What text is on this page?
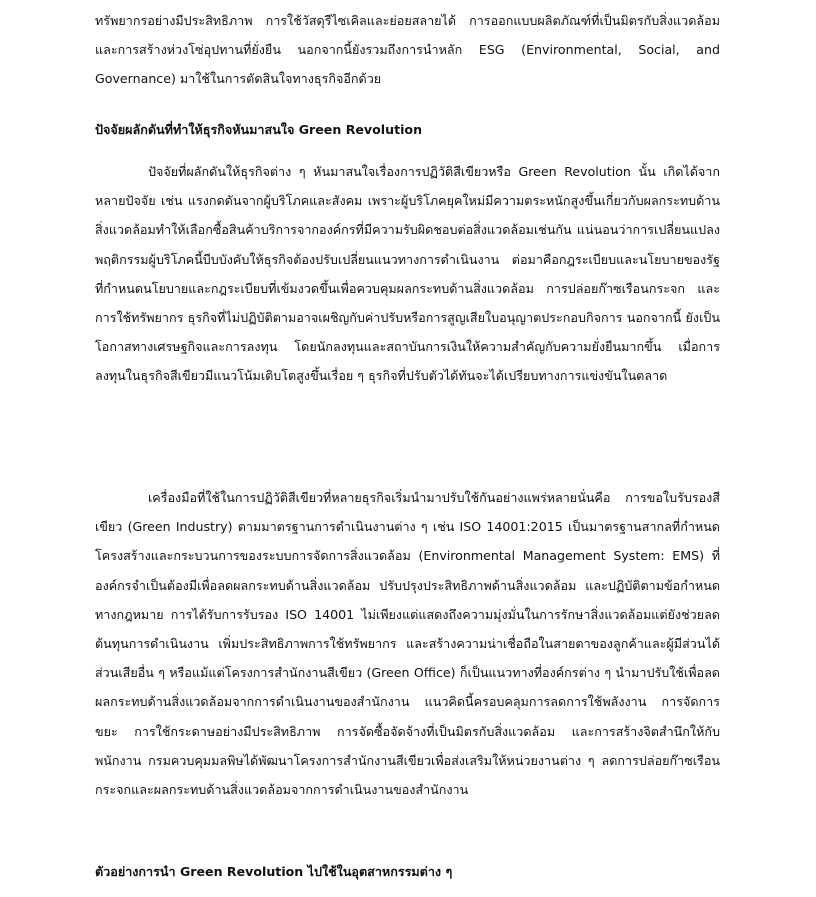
ทรัพยากรอย่างมีประสิทธิภาพ การใช้วัสดุรีไซเคิลและย่อยสลายได้ การออกแบบผลิตภัณฑ์ที่เป็นมิตรกับสิ่งแวดล้อม และการสร้างห่วงโซ่อุปทานที่ยั่งยืน นอกจากนี้ยังรวมถึงการนำหลัก ESG (Environmental, Social, and Governance) มาใช้ในการตัดสินใจทางธุรกิจอีกด้วย

ปัจจัยผลักดันที่ทำให้ธุรกิจหันมาสนใจ Green Revolution

ปัจจัยที่ผลักดันให้ธุรกิจต่าง ๆ หันมาสนใจเรื่องการปฏิวัติสีเขียวหรือ Green Revolution นั้น เกิดได้จากหลายปัจจัย เช่น แรงกดดันจากผู้บริโภคและสังคม เพราะผู้บริโภคยุคใหม่มีความตระหนักสูงขึ้นเกี่ยวกับผลกระทบด้านสิ่งแวดล้อมทำให้เลือกซื้อสินค้าบริการจากองค์กรที่มีความรับผิดชอบต่อสิ่งแวดล้อมเช่นกัน แน่นอนว่าการเปลี่ยนแปลงพฤติกรรมผู้บริโภคนี้บีบบังคับให้ธุรกิจต้องปรับเปลี่ยนแนวทางการดำเนินงาน ต่อมาคือกฎระเบียบและนโยบายของรัฐ ที่กำหนดนโยบายและกฎระเบียบที่เข้มงวดขึ้นเพื่อควบคุมผลกระทบด้านสิ่งแวดล้อม การปล่อยก๊าซเรือนกระจก และการใช้ทรัพยากร ธุรกิจที่ไม่ปฏิบัติตามอาจเผชิญกับค่าปรับหรือการสูญเสียใบอนุญาตประกอบกิจการ นอกจากนี้ ยังเป็นโอกาสทางเศรษฐกิจและการลงทุน โดยนักลงทุนและสถาบันการเงินให้ความสำคัญกับความยั่งยืนมากขึ้น เมื่อการลงทุนในธุรกิจสีเขียวมีแนวโน้มเติบโตสูงขึ้นเรื่อย ๆ ธุรกิจที่ปรับตัวได้ทันจะได้เปรียบทางการแข่งขันในตลาด

เครื่องมือที่ใช้ในการปฏิวัติสีเขียวที่หลายธุรกิจเริ่มนำมาปรับใช้กันอย่างแพร่หลายนั่นคือ การขอใบรับรองสีเขียว (Green Industry) ตามมาตรฐานการดำเนินงานต่าง ๆ เช่น ISO 14001:2015 เป็นมาตรฐานสากลที่กำหนดโครงสร้างและกระบวนการของระบบการจัดการสิ่งแวดล้อม (Environmental Management System: EMS) ที่องค์กรจำเป็นต้องมีเพื่อลดผลกระทบด้านสิ่งแวดล้อม ปรับปรุงประสิทธิภาพด้านสิ่งแวดล้อม และปฏิบัติตามข้อกำหนดทางกฎหมาย การได้รับการรับรอง ISO 14001 ไม่เพียงแต่แสดงถึงความมุ่งมั่นในการรักษาสิ่งแวดล้อมแต่ยังช่วยลดต้นทุนการดำเนินงาน เพิ่มประสิทธิภาพการใช้ทรัพยากร และสร้างความน่าเชื่อถือในสายตาของลูกค้าและผู้มีส่วนได้ส่วนเสียอื่น ๆ หรือแม้แต่โครงการสำนักงานสีเขียว (Green Office) ก็เป็นแนวทางที่องค์กรต่าง ๆ นำมาปรับใช้เพื่อลดผลกระทบด้านสิ่งแวดล้อมจากการดำเนินงานของสำนักงาน แนวคิดนี้ครอบคลุมการลดการใช้พลังงาน การจัดการขยะ การใช้กระดาษอย่างมีประสิทธิภาพ การจัดซื้อจัดจ้างที่เป็นมิตรกับสิ่งแวดล้อม และการสร้างจิตสำนึกให้กับพนักงาน กรมควบคุมมลพิษได้พัฒนาโครงการสำนักงานสีเขียวเพื่อส่งเสริมให้หน่วยงานต่าง ๆ ลดการปล่อยก๊าซเรือนกระจกและผลกระทบด้านสิ่งแวดล้อมจากการดำเนินงานของสำนักงาน

ตัวอย่างการนำ Green Revolution ไปใช้ในอุตสาหกรรมต่าง ๆ
